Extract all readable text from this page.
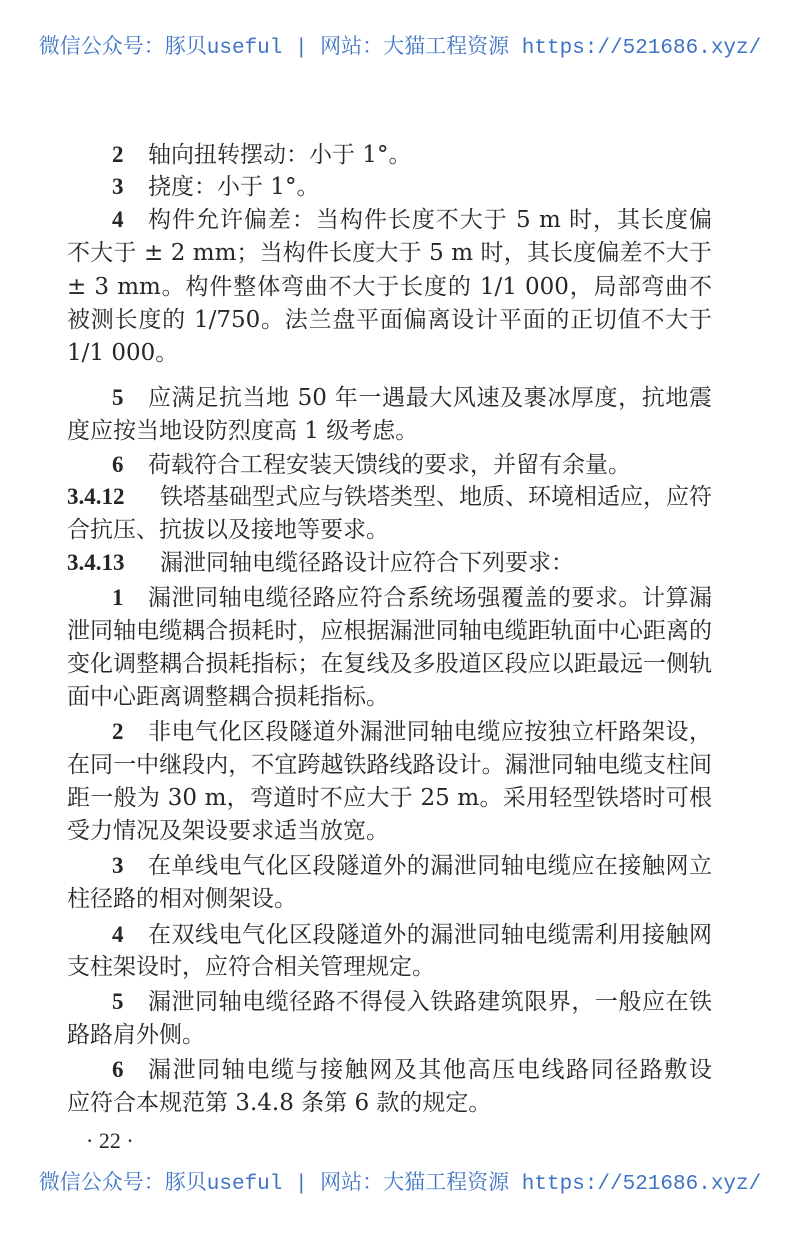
微信公众号：豚贝useful | 网站：大猫工程资源 https://521686.xyz/
2 轴向扭转摆动：小于 1°。
3 挠度：小于 1°。
4 构件允许偏差：当构件长度不大于 5 m 时，其长度偏
不大于 ± 2 mm；当构件长度大于 5 m 时，其长度偏差不大于
± 3 mm。构件整体弯曲不大于长度的 1/1 000，局部弯曲不
被测长度的 1/750。法兰盘平面偏离设计平面的正切值不大于
1/1 000。
5 应满足抗当地 50 年一遇最大风速及裹冰厚度，抗地震
度应按当地设防烈度高 1 级考虑。
6 荷载符合工程安装天馈线的要求，并留有余量。
3.4.12 铁塔基础型式应与铁塔类型、地质、环境相适应，应符
合抗压、抗拔以及接地等要求。
3.4.13 漏泄同轴电缆径路设计应符合下列要求：
1 漏泄同轴电缆径路应符合系统场强覆盖的要求。计算漏
泄同轴电缆耦合损耗时，应根据漏泄同轴电缆距轨面中心距离的
变化调整耦合损耗指标；在复线及多股道区段应以距最远一侧轨
面中心距离调整耦合损耗指标。
2 非电气化区段隧道外漏泄同轴电缆应按独立杆路架设，
在同一中继段内，不宜跨越铁路线路设计。漏泄同轴电缆支柱间
距一般为 30 m，弯道时不应大于 25 m。采用轻型铁塔时可根
受力情况及架设要求适当放宽。
3 在单线电气化区段隧道外的漏泄同轴电缆应在接触网立
柱径路的相对侧架设。
4 在双线电气化区段隧道外的漏泄同轴电缆需利用接触网
支柱架设时，应符合相关管理规定。
5 漏泄同轴电缆径路不得侵入铁路建筑限界，一般应在铁
路路肩外侧。
6 漏泄同轴电缆与接触网及其他高压电线路同径路敷设
应符合本规范第 3.4.8 条第 6 款的规定。
· 22 ·
微信公众号：豚贝useful | 网站：大猫工程资源 https://521686.xyz/
